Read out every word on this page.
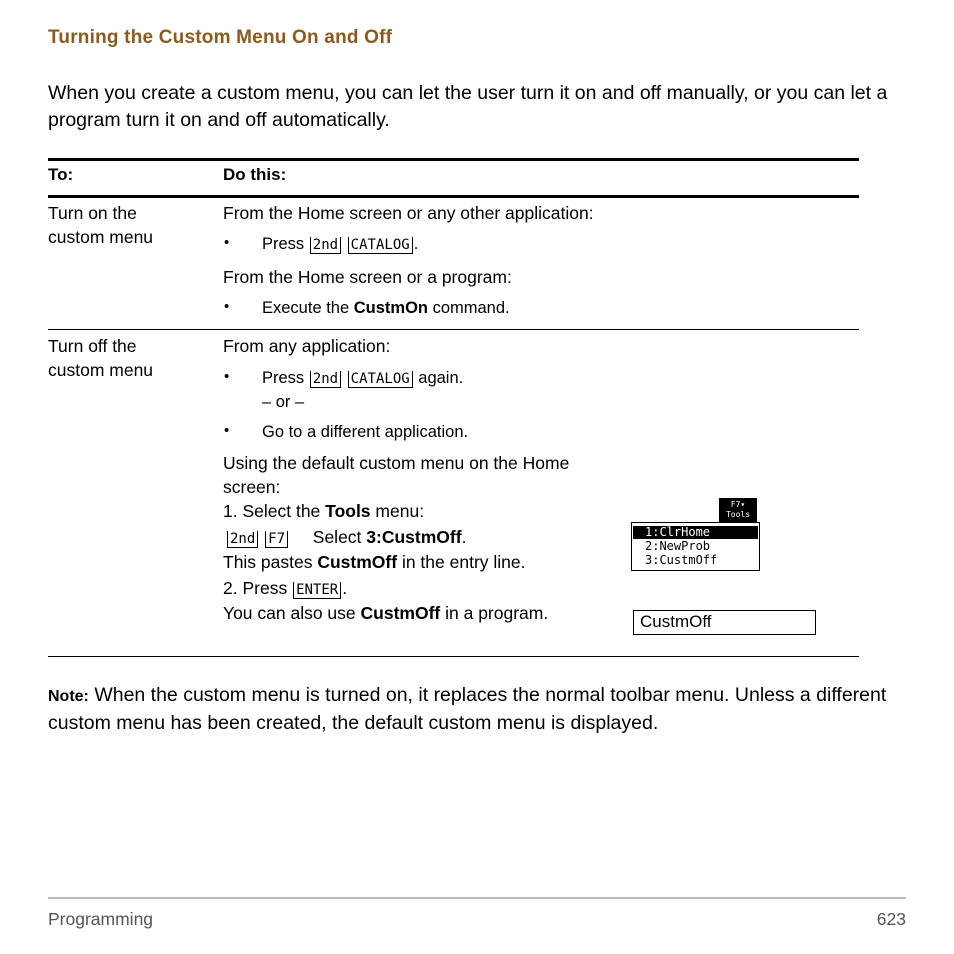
Turning the Custom Menu On and Off
When you create a custom menu, you can let the user turn it on and off manually, or you can let a program turn it on and off automatically.
To:	Do this:
Turn on the custom menu
From the Home screen or any other application:
• Press 2nd CATALOG .
From the Home screen or a program:
• Execute the CustmOn command.
Turn off the custom menu
From any application:
• Press 2nd CATALOG again.
– or –
• Go to a different application.
Using the default custom menu on the Home screen:
1. Select the Tools menu:
2nd F7 Select 3:CustmOff.
This pastes CustmOff in the entry line.
2. Press ENTER .
You can also use CustmOff in a program.
F7▾
Tools
1:ClrHome
2:NewProb
3:CustmOff
CustmOff
Note: When the custom menu is turned on, it replaces the normal toolbar menu. Unless a different custom menu has been created, the default custom menu is displayed.
Programming	623
